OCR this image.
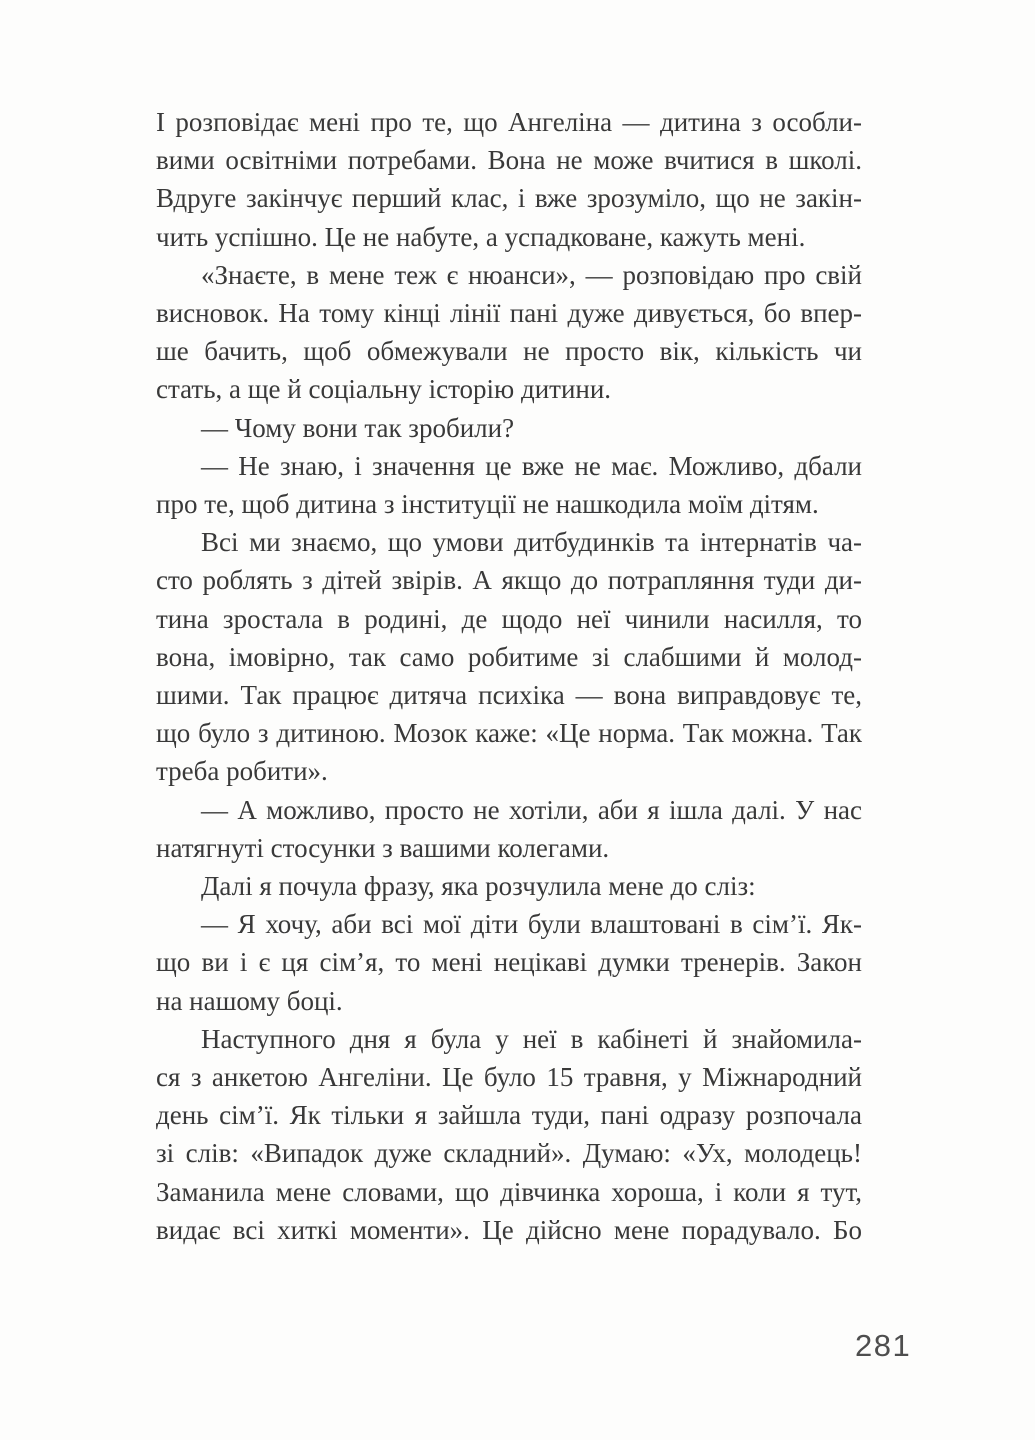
І розповідає мені про те, що Ангеліна — дитина з особли-
вими освітніми потребами. Вона не може вчитися в школі.
Вдруге закінчує перший клас, і вже зрозуміло, що не закін-
чить успішно. Це не набуте, а успадковане, кажуть мені.
«Знаєте, в мене теж є нюанси», — розповідаю про свій
висновок. На тому кінці лінії пані дуже дивується, бо впер-
ше бачить, щоб обмежували не просто вік, кількість чи
стать, а ще й соціальну історію дитини.
— Чому вони так зробили?
— Не знаю, і значення це вже не має. Можливо, дбали
про те, щоб дитина з інституції не нашкодила моїм дітям.
Всі ми знаємо, що умови дитбудинків та інтернатів ча-
сто роблять з дітей звірів. А якщо до потрапляння туди ди-
тина зростала в родині, де щодо неї чинили насилля, то
вона, імовірно, так само робитиме зі слабшими й молод-
шими. Так працює дитяча психіка — вона виправдовує те,
що було з дитиною. Мозок каже: «Це норма. Так можна. Так
треба робити».
— А можливо, просто не хотіли, аби я ішла далі. У нас
натягнуті стосунки з вашими колегами.
Далі я почула фразу, яка розчулила мене до сліз:
— Я хочу, аби всі мої діти були влаштовані в сім’ї. Як-
що ви і є ця сім’я, то мені нецікаві думки тренерів. Закон
на нашому боці.
Наступного дня я була у неї в кабінеті й знайомила-
ся з анкетою Ангеліни. Це було 15 травня, у Міжнародний
день сім’ї. Як тільки я зайшла туди, пані одразу розпочала
зі слів: «Випадок дуже складний». Думаю: «Ух, молодець!
Заманила мене словами, що дівчинка хороша, і коли я тут,
видає всі хиткі моменти». Це дійсно мене порадувало. Бо
281
